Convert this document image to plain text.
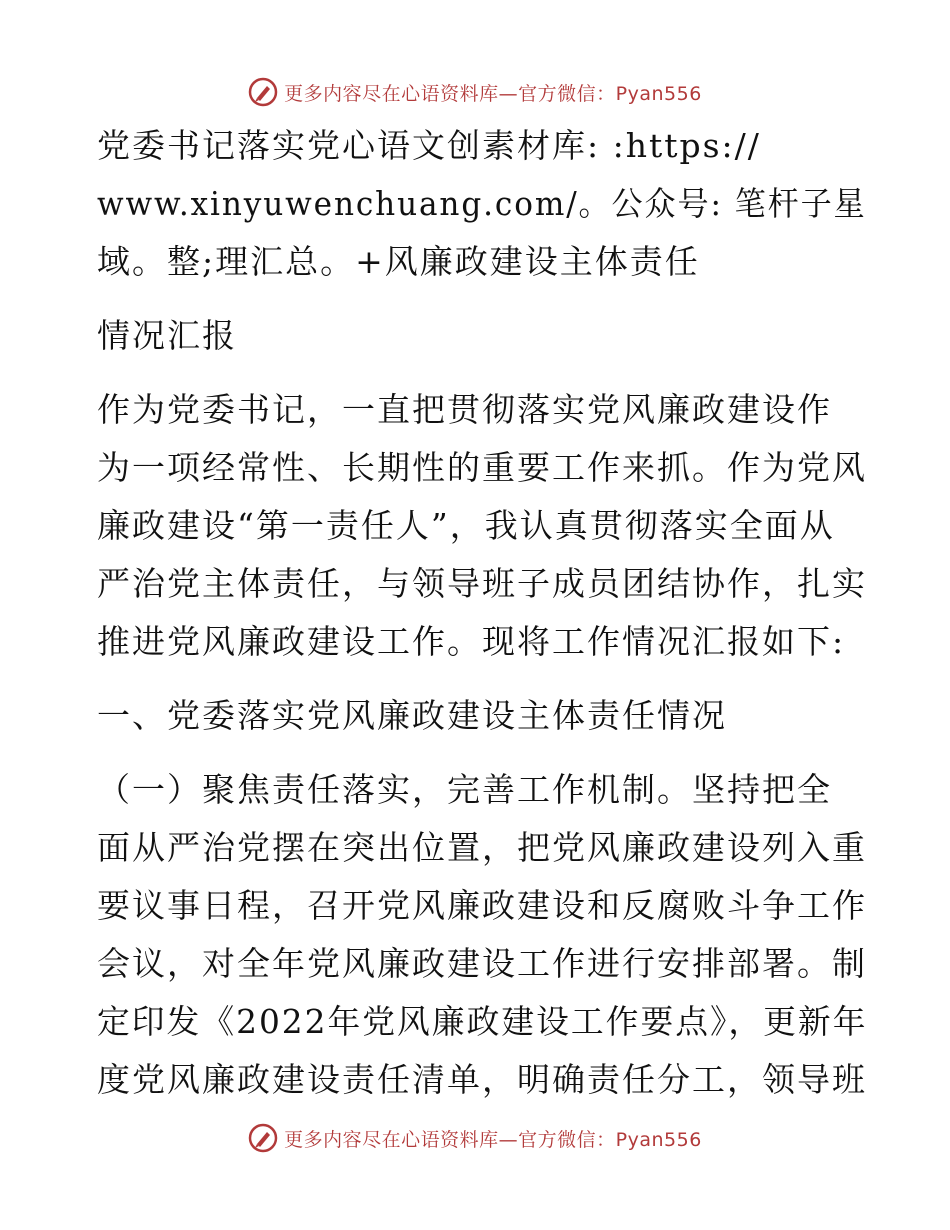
更多内容尽在心语资料库—官方微信：Pyan556
党委书记落实党心语文创素材库: :https://
www.xinyuwenchuang.com/。公众号: 笔杆子星
域。整;理汇总。+风廉政建设主体责任
情况汇报
作为党委书记，一直把贯彻落实党风廉政建设作
为一项经常性、长期性的重要工作来抓。作为党风
廉政建设“第一责任人”，我认真贯彻落实全面从
严治党主体责任，与领导班子成员团结协作，扎实
推进党风廉政建设工作。现将工作情况汇报如下:
一、党委落实党风廉政建设主体责任情况
（一）聚焦责任落实，完善工作机制。坚持把全
面从严治党摆在突出位置，把党风廉政建设列入重
要议事日程，召开党风廉政建设和反腐败斗争工作
会议，对全年党风廉政建设工作进行安排部署。制
定印发《2022年党风廉政建设工作要点》，更新年
度党风廉政建设责任清单，明确责任分工，领导班
更多内容尽在心语资料库—官方微信：Pyan556
